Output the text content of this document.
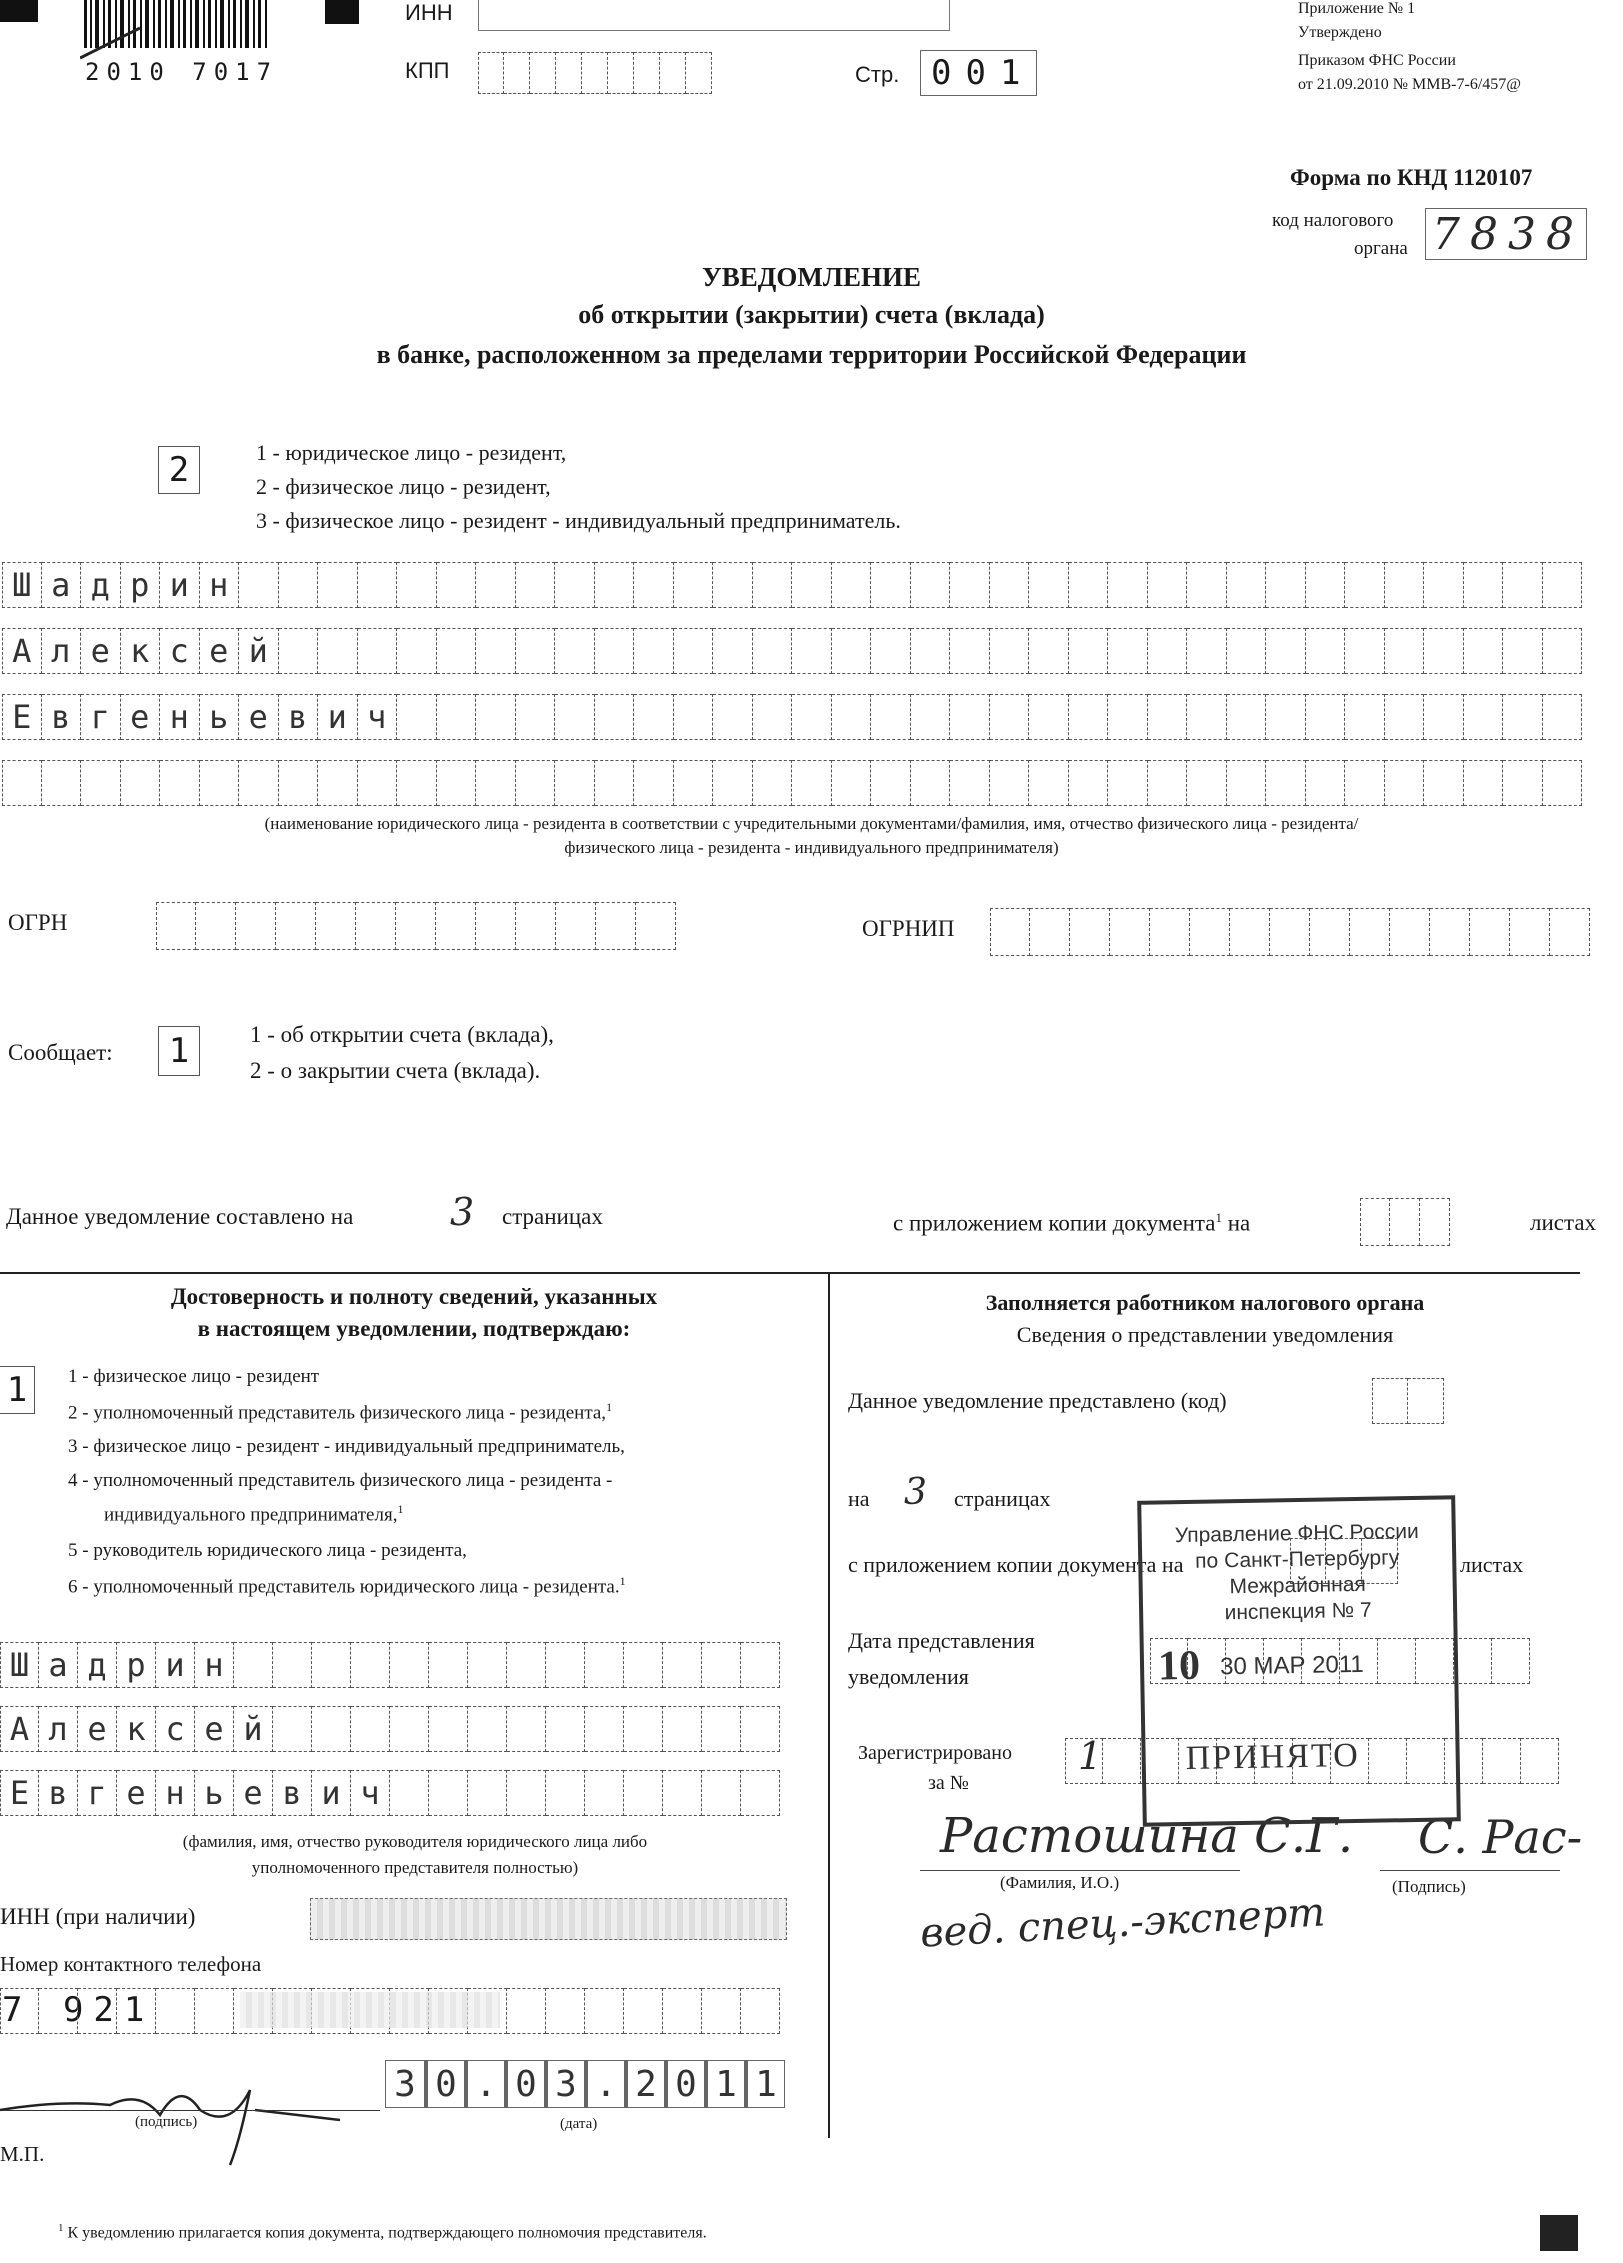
2010 7017
ИНН
КПП	Стр. 001
Приложение № 1
Утверждено
Приказом ФНС России
от 21.09.2010 № ММВ-7-6/457@
Форма по КНД 1120107
код налогового
органа 7838
УВЕДОМЛЕНИЕ
об открытии (закрытии) счета (вклада)
в банке, расположенном за пределами территории Российской Федерации
2	1 - юридическое лицо - резидент,
2 - физическое лицо - резидент,
3 - физическое лицо - резидент - индивидуальный предприниматель.
Ш а д р и н
А л е к с е й
Е в г е н ь е в и ч
(наименование юридического лица - резидента в соответствии с учредительными документами/фамилия, имя, отчество физического лица - резидента/
физического лица - резидента - индивидуального предпринимателя)
ОГРН	ОГРНИП
Сообщает:	1	1 - об открытии счета (вклада),
2 - о закрытии счета (вклада).
Данное уведомление составлено на	3 страницах	с приложением копии документа$^1$ на	листах
Достоверность и полноту сведений, указанных
в настоящем уведомлении, подтверждаю:
1	1 - физическое лицо - резидент
2 - уполномоченный представитель физического лица - резидента,$^1$
3 - физическое лицо - резидент - индивидуальный предприниматель,
4 - уполномоченный представитель физического лица - резидента -
индивидуального предпринимателя,$^1$
5 - руководитель юридического лица - резидента,
6 - уполномоченный представитель юридического лица - резидента.$^1$
Ш а д р и н
А л е к с е й
Е в г е н ь е в и ч
(фамилия, имя, отчество руководителя юридического лица либо
уполномоченного представителя полностью)
ИНН (при наличии)
Номер контактного телефона
7 921
(подпись)
3 0 . 0 3 . 2 0 1 1
(дата)
М.П.
Заполняется работником налогового органа
Сведения о представлении уведомления
Данное уведомление представлено (код)
на 3 страницах
с приложением копии документа на	листах
Дата представления
уведомления
Зарегистрировано
за №
1
Растошина С.Г. С. Рас-
(Фамилия, И.О.)	(Подпись)
вед. спец.-эксперт
Управление ФНС России
по Санкт-Петербургу
Межрайонная
инспекция № 7
10 30 МАР 2011
ПРИНЯТО
$^1$ К уведомлению прилагается копия документа, подтверждающего полномочия представителя.
